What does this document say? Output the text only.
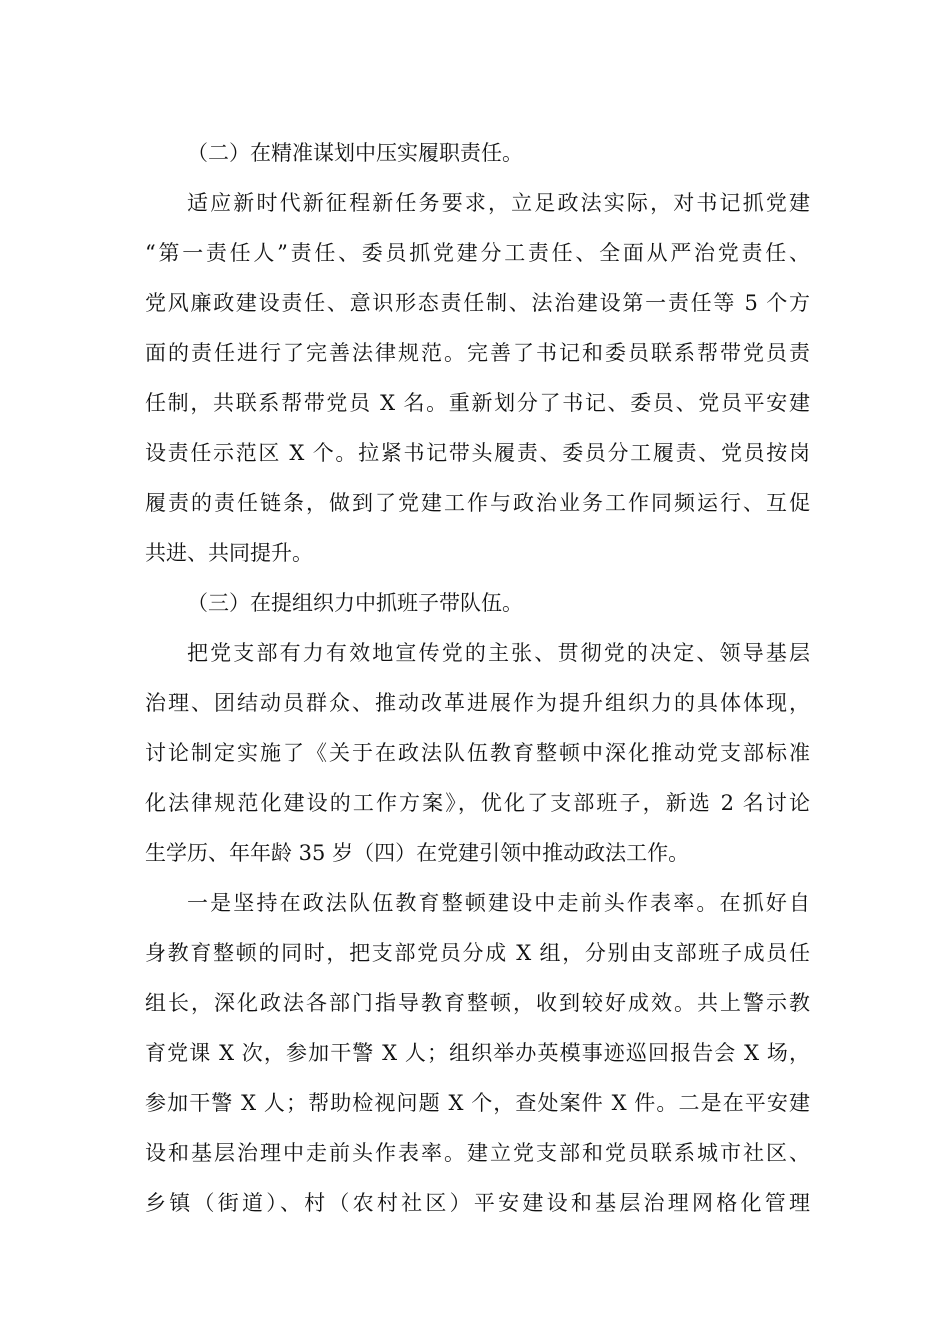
（二）在精准谋划中压实履职责任。
适应新时代新征程新任务要求，立足政法实际，对书记抓党建
“第一责任人”责任、委员抓党建分工责任、全面从严治党责任、
党风廉政建设责任、意识形态责任制、法治建设第一责任等 5 个方
面的责任进行了完善法律规范。完善了书记和委员联系帮带党员责
任制，共联系帮带党员 X 名。重新划分了书记、委员、党员平安建
设责任示范区 X 个。拉紧书记带头履责、委员分工履责、党员按岗
履责的责任链条，做到了党建工作与政治业务工作同频运行、互促
共进、共同提升。
（三）在提组织力中抓班子带队伍。
把党支部有力有效地宣传党的主张、贯彻党的决定、领导基层
治理、团结动员群众、推动改革进展作为提升组织力的具体体现，
讨论制定实施了《关于在政法队伍教育整顿中深化推动党支部标准
化法律规范化建设的工作方案》，优化了支部班子，新选 2 名讨论
生学历、年年龄 35 岁（四）在党建引领中推动政法工作。
一是坚持在政法队伍教育整顿建设中走前头作表率。在抓好自
身教育整顿的同时，把支部党员分成 X 组，分别由支部班子成员任
组长，深化政法各部门指导教育整顿，收到较好成效。共上警示教
育党课 X 次，参加干警 X 人；组织举办英模事迹巡回报告会 X 场，
参加干警 X 人；帮助检视问题 X 个，查处案件 X 件。二是在平安建
设和基层治理中走前头作表率。建立党支部和党员联系城市社区、
乡镇（街道）、村（农村社区）平安建设和基层治理网格化管理
